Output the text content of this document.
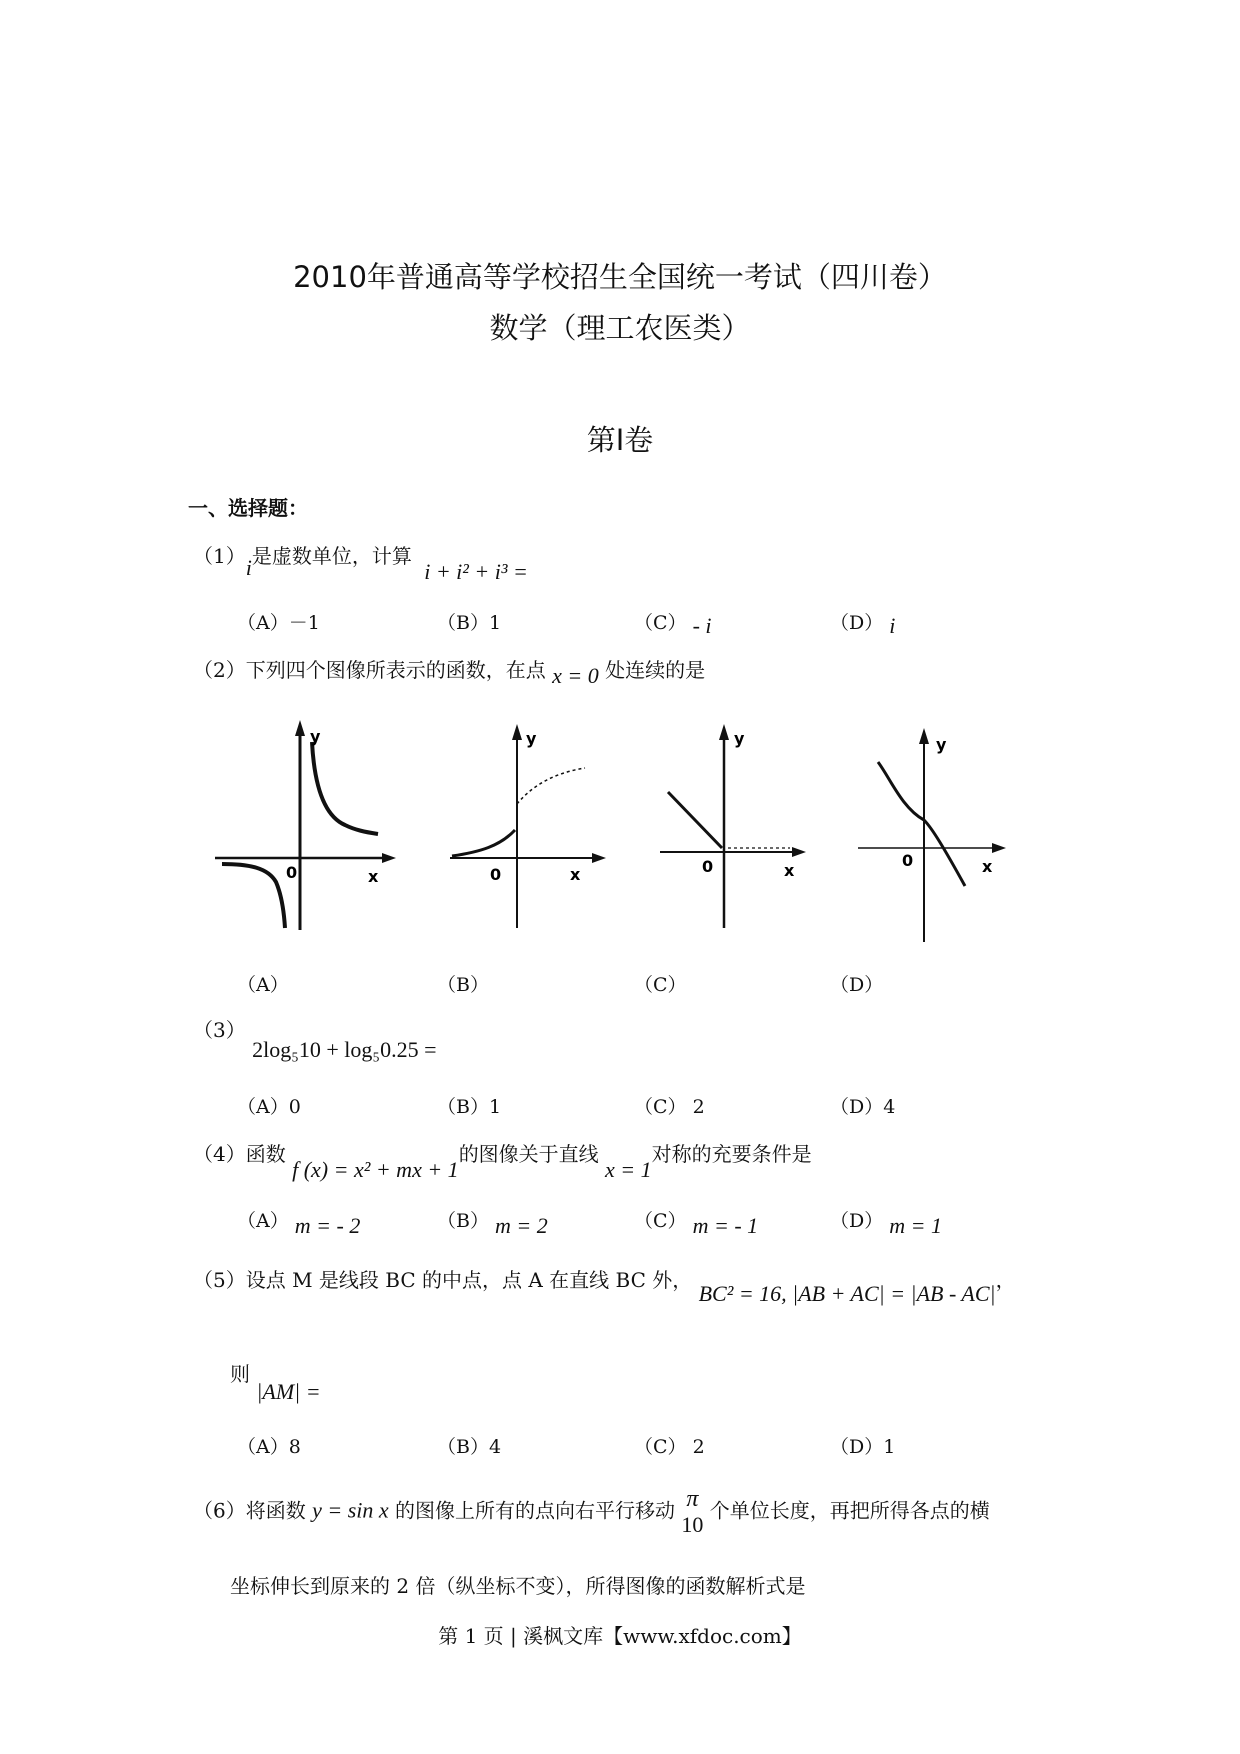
2010年普通高等学校招生全国统一考试（四川卷）
数学（理工农医类）
第Ⅰ卷
一、选择题：
（1）i是虚数单位，计算 i + i² + i³ =
（A）－1	（B）1	（C） - i	（D） i
（2）下列四个图像所表示的函数，在点 x = 0 处连续的是
y
x
0
y
x
0
y
x
0
y
x
0
（A）	（B）	（C）	（D）
（3） 2log₅10 + log₅0.25 =
（A）0	（B）1	（C） 2	（D）4
（4）函数 f (x) = x² + mx + 1的图像关于直线 x = 1对称的充要条件是
（A） m = - 2	（B） m = 2	（C） m = - 1	（D） m = 1
（5）设点 M 是线段 BC 的中点，点 A 在直线 BC 外， BC² = 16, |AB + AC| = |AB - AC|，
则 |AM| =
（A）8	（B）4	（C） 2	（D）1
（6）将函数 y = sin x 的图像上所有的点向右平行移动 π
10
个单位长度，再把所得各点的横
坐标伸长到原来的 2 倍（纵坐标不变），所得图像的函数解析式是
第 1 页 | 溪枫文库【www.xfdoc.com】
